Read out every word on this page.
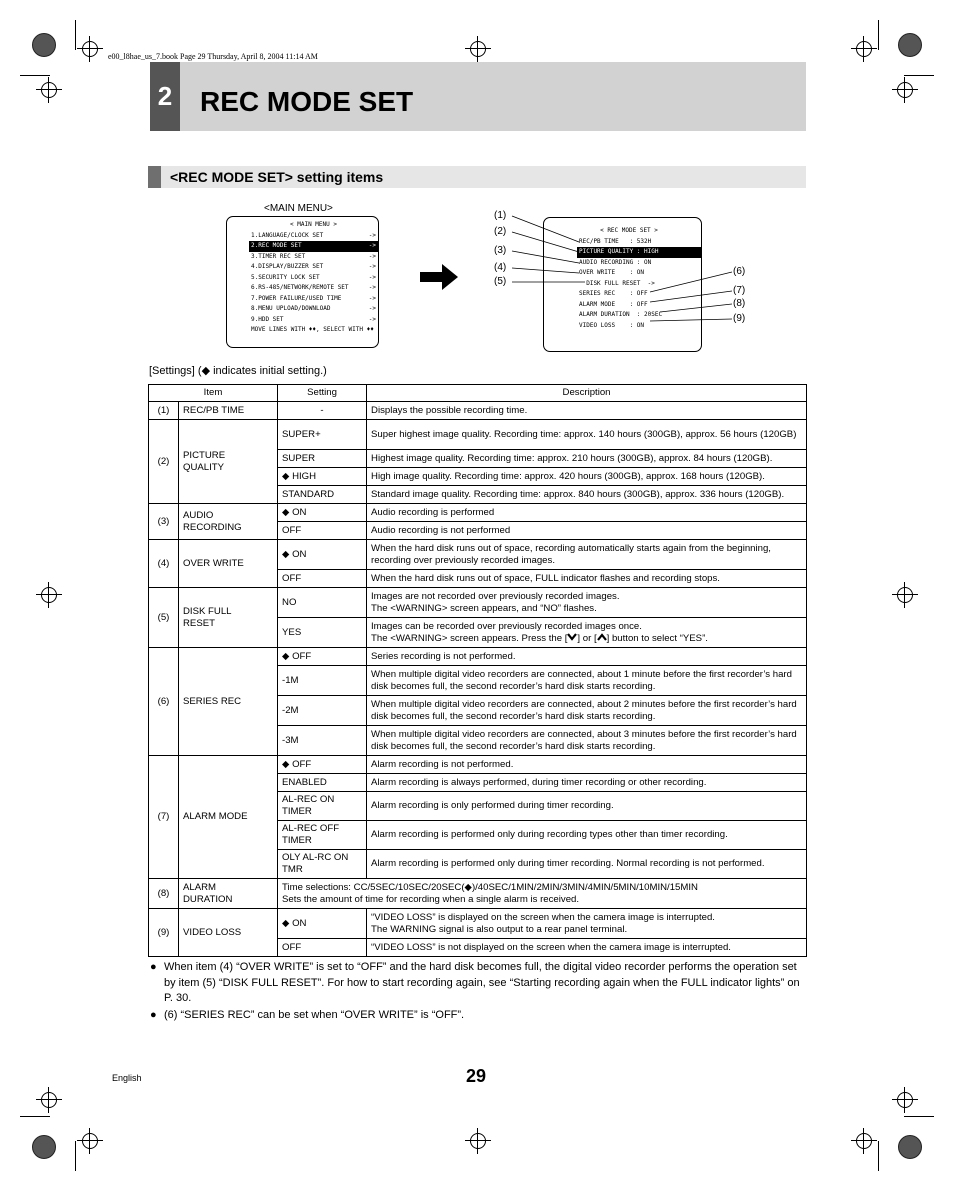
e00_l8hae_us_7.book Page 29 Thursday, April 8, 2004 11:14 AM
2 REC MODE SET
<REC MODE SET> setting items
<MAIN MENU>
< MAIN MENU >
1.LANGUAGE/CLOCK SET	->
2.REC MODE SET	->
3.TIMER REC SET	->
4.DISPLAY/BUZZER SET	->
5.SECURITY LOCK SET	->
6.RS-485/NETWORK/REMOTE SET	->
7.POWER FAILURE/USED TIME	->
8.MENU UPLOAD/DOWNLOAD	->
9.HDD SET	->
MOVE LINES WITH ♦♦, SELECT WITH ♦♦
< REC MODE SET >
REC/PB TIME   : 532H
PICTURE QUALITY : HIGH
AUDIO RECORDING : ON
OVER WRITE    : ON
DISK FULL RESET  ->
SERIES REC    : OFF
ALARM MODE    : OFF
ALARM DURATION  : 20SEC
VIDEO LOSS    : ON
(1)
(2)
(3)
(4)
(5)
(6)
(7)
(8)
(9)
[Settings] (◆ indicates initial setting.)
Item		Setting	Description
(1)	REC/PB TIME	-	Displays the possible recording time.
(2)	PICTURE QUALITY	SUPER+	Super highest image quality. Recording time: approx. 140 hours (300GB), approx. 56 hours (120GB)
		SUPER	Highest image quality. Recording time: approx. 210 hours (300GB), approx. 84 hours (120GB).
		◆ HIGH	High image quality. Recording time: approx. 420 hours (300GB), approx. 168 hours (120GB).
		STANDARD	Standard image quality. Recording time: approx. 840 hours (300GB), approx. 336 hours (120GB).
(3)	AUDIO RECORDING	◆ ON	Audio recording is performed
		OFF	Audio recording is not performed
(4)	OVER WRITE	◆ ON	When the hard disk runs out of space, recording automatically starts again from the beginning, recording over previously recorded images.
		OFF	When the hard disk runs out of space, FULL indicator flashes and recording stops.
(5)	DISK FULL RESET	NO	Images are not recorded over previously recorded images.
The <WARNING> screen appears, and “NO” flashes.

		YES	Images can be recorded over previously recorded images once.
The <WARNING> screen appears. Press the [ ] or [ ] button to select “YES”.

(6)	SERIES REC	◆ OFF	Series recording is not performed.
		-1M	When multiple digital video recorders are connected, about 1 minute before the first recorder’s hard disk becomes full, the second recorder’s hard disk starts recording.
		-2M	When multiple digital video recorders are connected, about 2 minutes before the first recorder’s hard disk becomes full, the second recorder’s hard disk starts recording.
		-3M	When multiple digital video recorders are connected, about 3 minutes before the first recorder’s hard disk becomes full, the second recorder’s hard disk starts recording.
(7)	ALARM MODE	◆ OFF	Alarm recording is not performed.
		ENABLED	Alarm recording is always performed, during timer recording or other recording.
		AL-REC ON TIMER	Alarm recording is only performed during timer recording.
		AL-REC OFF TIMER	Alarm recording is performed only during recording types other than timer recording.
		OLY AL-RC ON TMR	Alarm recording is performed only during timer recording. Normal recording is not performed.
(8)	ALARM DURATION	Time selections: CC/5SEC/10SEC/20SEC(◆)/40SEC/1MIN/2MIN/3MIN/4MIN/5MIN/10MIN/15MIN
Sets the amount of time for recording when a single alarm is received.	

(9)	VIDEO LOSS	◆ ON	“VIDEO LOSS” is displayed on the screen when the camera image is interrupted.
The WARNING signal is also output to a rear panel terminal.

		OFF	“VIDEO LOSS” is not displayed on the screen when the camera image is interrupted.
● When item (4) “OVER WRITE” is set to “OFF” and the hard disk becomes full, the digital video recorder performs the operation set by item (5) “DISK FULL RESET”. For how to start recording again, see “Starting recording again when the FULL indicator lights” on P. 30.
● (6) “SERIES REC” can be set when “OVER WRITE” is “OFF”.
English	29
